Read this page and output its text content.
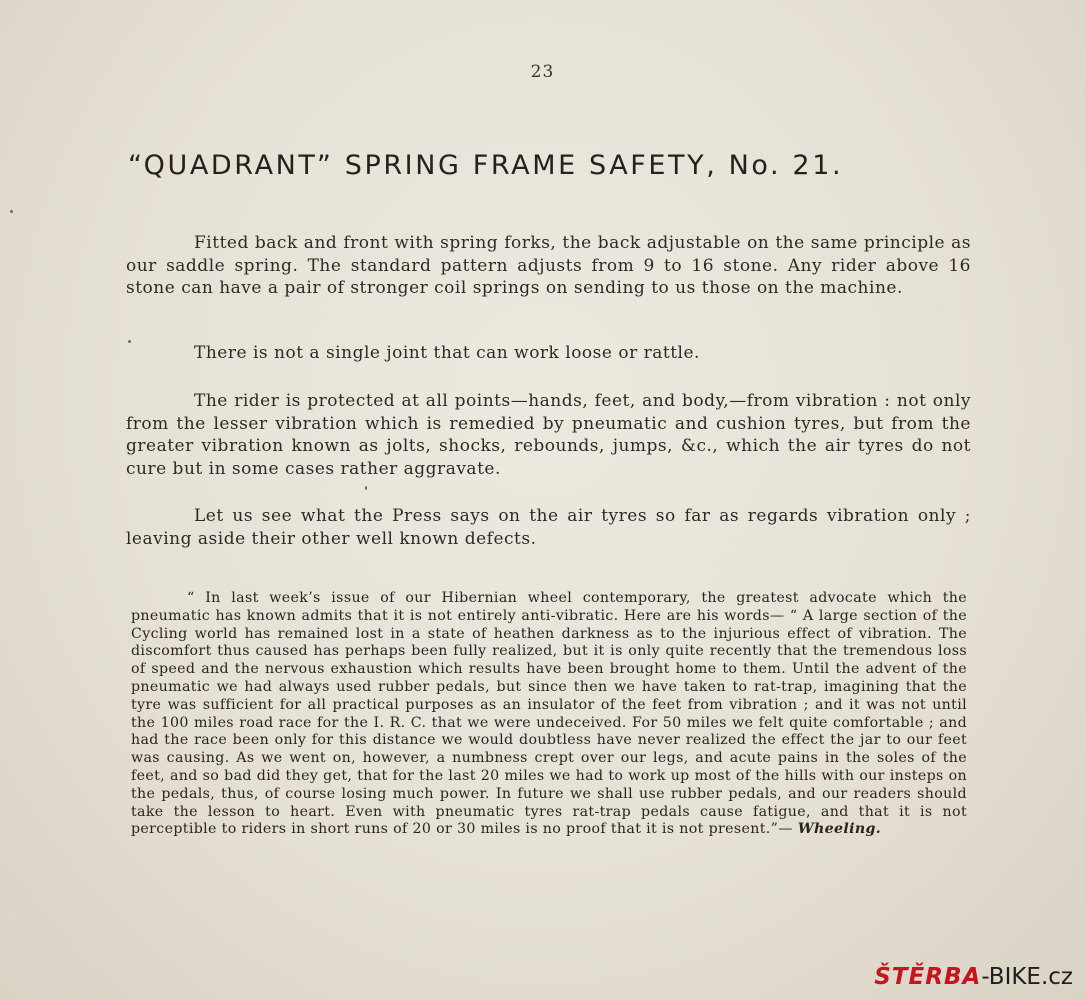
23
“QUADRANT” SPRING FRAME SAFETY, No. 21.

Fitted back and front with spring forks, the back adjustable on the same principle as our saddle spring. The standard pattern adjusts from 9 to 16 stone. Any rider above 16 stone can have a pair of stronger coil springs on sending to us those on the machine.

There is not a single joint that can work loose or rattle.

The rider is protected at all points—hands, feet, and body,—from vibration : not only from the lesser vibration which is remedied by pneumatic and cushion tyres, but from the greater vibration known as jolts, shocks, rebounds, jumps, &c., which the air tyres do not cure but in some cases rather aggravate.

Let us see what the Press says on the air tyres so far as regards vibration only ; leaving aside their other well known defects.

“ In last week’s issue of our Hibernian wheel contemporary, the greatest advocate which the pneumatic has known admits that it is not entirely anti-vibratic. Here are his words— “ A large section of the Cycling world has remained lost in a state of heathen darkness as to the injurious effect of vibration. The discomfort thus caused has perhaps been fully realized, but it is only quite recently that the tremendous loss of speed and the nervous exhaustion which results have been brought home to them. Until the advent of the pneumatic we had always used rubber pedals, but since then we have taken to rat-trap, imagining that the tyre was sufficient for all practical purposes as an insulator of the feet from vibration ; and it was not until the 100 miles road race for the I. R. C. that we were undeceived. For 50 miles we felt quite comfortable ; and had the race been only for this distance we would doubtless have never realized the effect the jar to our feet was causing. As we went on, however, a numbness crept over our legs, and acute pains in the soles of the feet, and so bad did they get, that for the last 20 miles we had to work up most of the hills with our insteps on the pedals, thus, of course losing much power. In future we shall use rubber pedals, and our readers should take the lesson to heart. Even with pneumatic tyres rat-trap pedals cause fatigue, and that it is not perceptible to riders in short runs of 20 or 30 miles is no proof that it is not present.”— Wheeling.

ŠTĚRBA-BIKE.cz
